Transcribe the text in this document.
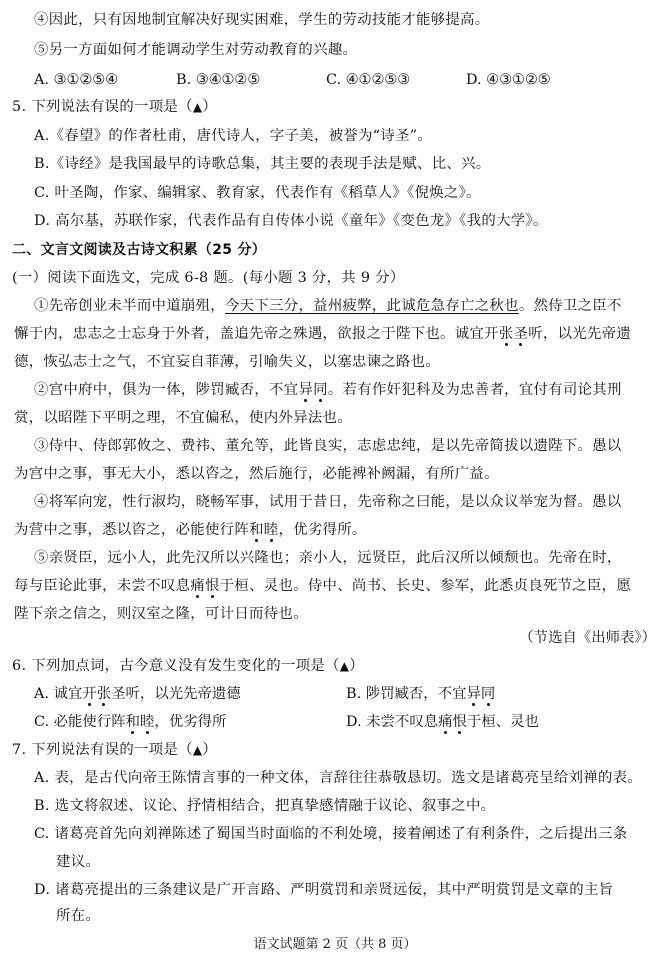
④因此，只有因地制宜解决好现实困难，学生的劳动技能才能够提高。
⑤另一方面如何才能调动学生对劳动教育的兴趣。
A. ③①②⑤④	B. ③④①②⑤	C. ④①②⑤③	D. ④③①②⑤
5. 下列说法有误的一项是（▲）
A.《春望》的作者杜甫，唐代诗人，字子美，被誉为“诗圣”。
B.《诗经》是我国最早的诗歌总集，其主要的表现手法是赋、比、兴。
C. 叶圣陶，作家、编辑家、教育家，代表作有《稻草人》《倪焕之》。
D. 高尔基，苏联作家，代表作品有自传体小说《童年》《变色龙》《我的大学》。
二、文言文阅读及古诗文积累（25 分）
(一）阅读下面选文，完成 6-8 题。(每小题 3 分，共 9 分）
①先帝创业未半而中道崩殂，今天下三分，益州疲弊，此诚危急存亡之秋也。然侍卫之臣不
懈于内，忠志之士忘身于外者，盖追先帝之殊遇，欲报之于陛下也。诚宜开张圣听，以光先帝遗
德，恢弘志士之气，不宜妄自菲薄，引喻失义，以塞忠谏之路也。
②宫中府中，俱为一体，陟罚臧否，不宜异同。若有作奸犯科及为忠善者，宜付有司论其刑
赏，以昭陛下平明之理，不宜偏私，使内外异法也。
③侍中、侍郎郭攸之、费祎、董允等，此皆良实，志虑忠纯，是以先帝简拔以遗陛下。愚以
为宫中之事，事无大小，悉以咨之，然后施行，必能裨补阙漏，有所广益。
④将军向宠，性行淑均，晓畅军事，试用于昔日，先帝称之曰能，是以众议举宠为督。愚以
为营中之事，悉以咨之，必能使行阵和睦，优劣得所。
⑤亲贤臣，远小人，此先汉所以兴隆也；亲小人，远贤臣，此后汉所以倾颓也。先帝在时，
每与臣论此事，未尝不叹息痛恨于桓、灵也。侍中、尚书、长史、参军，此悉贞良死节之臣，愿
陛下亲之信之，则汉室之隆，可计日而待也。
（节选自《出师表》）
6. 下列加点词，古今意义没有发生变化的一项是（▲）
A. 诚宜开张圣听，以光先帝遗德	B. 陟罚臧否，不宜异同
C. 必能使行阵和睦，优劣得所	D. 未尝不叹息痛恨于桓、灵也
7. 下列说法有误的一项是（▲）
A. 表，是古代向帝王陈情言事的一种文体，言辞往往恭敬恳切。选文是诸葛亮呈给刘禅的表。
B. 选文将叙述、议论、抒情相结合，把真挚感情融于议论、叙事之中。
C. 诸葛亮首先向刘禅陈述了蜀国当时面临的不利处境，接着阐述了有利条件，之后提出三条
建议。
D. 诸葛亮提出的三条建议是广开言路、严明赏罚和亲贤远佞，其中严明赏罚是文章的主旨
所在。
语文试题第 2 页（共 8 页）
